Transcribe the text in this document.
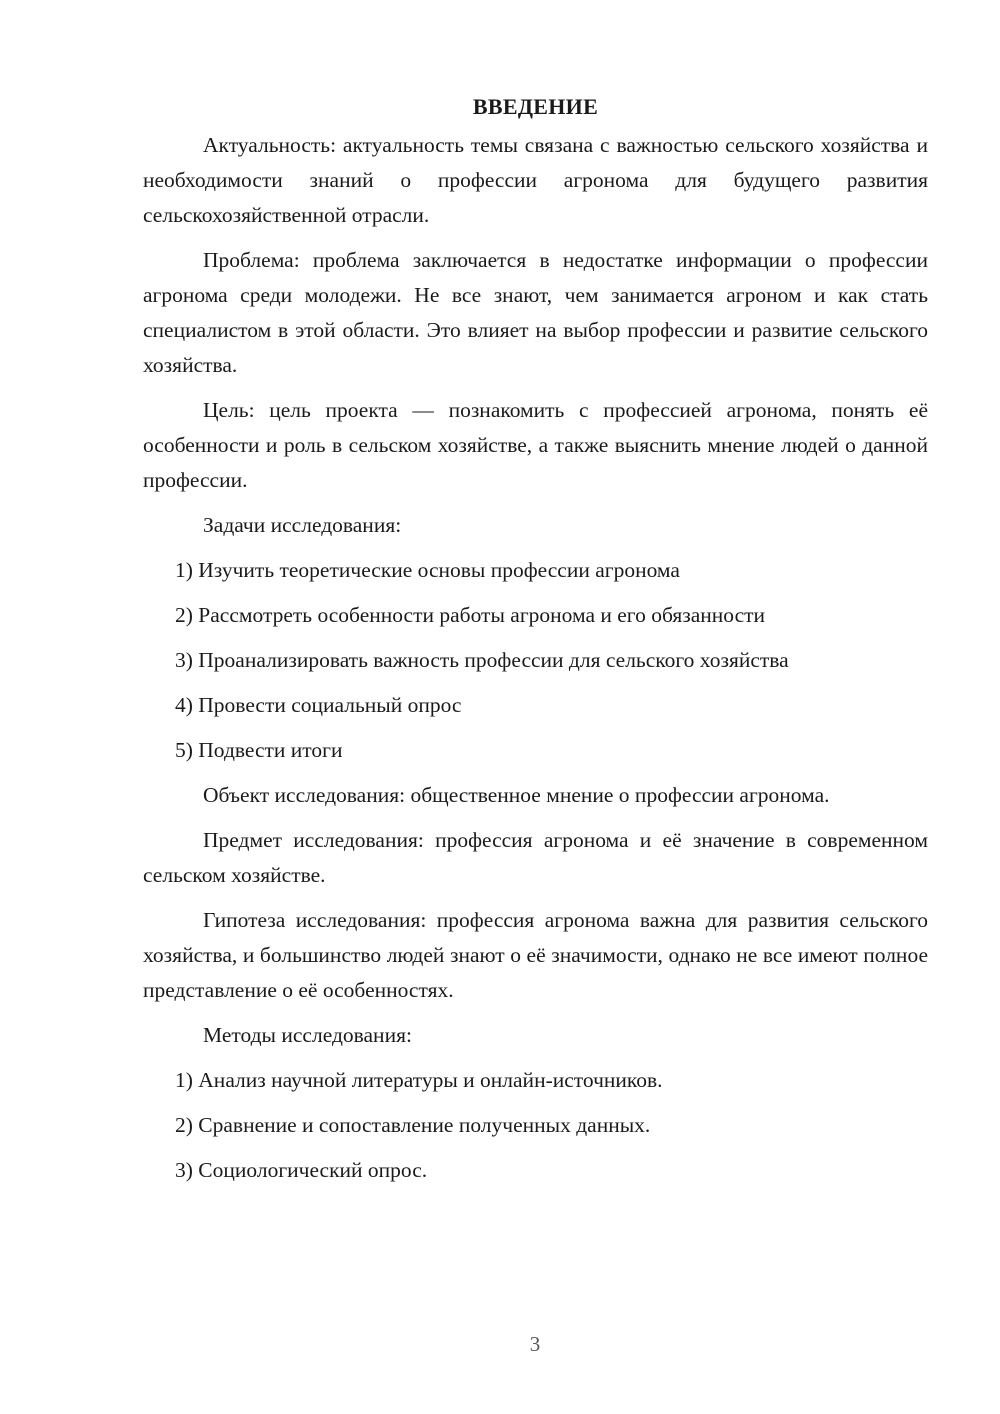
ВВЕДЕНИЕ

Актуальность: актуальность темы связана с важностью сельского хозяйства и необходимости знаний о профессии агронома для будущего развития сельскохозяйственной отрасли.

Проблема: проблема заключается в недостатке информации о профессии агронома среди молодежи. Не все знают, чем занимается агроном и как стать специалистом в этой области. Это влияет на выбор профессии и развитие сельского хозяйства.

Цель: цель проекта — познакомить с профессией агронома, понять её особенности и роль в сельском хозяйстве, а также выяснить мнение людей о данной профессии.

Задачи исследования:
1) Изучить теоретические основы профессии агронома
2) Рассмотреть особенности работы агронома и его обязанности
3) Проанализировать важность профессии для сельского хозяйства
4) Провести социальный опрос
5) Подвести итоги

Объект исследования: общественное мнение о профессии агронома.

Предмет исследования: профессия агронома и её значение в современном сельском хозяйстве.

Гипотеза исследования: профессия агронома важна для развития сельского хозяйства, и большинство людей знают о её значимости, однако не все имеют полное представление о её особенностях.

Методы исследования:
1) Анализ научной литературы и онлайн-источников.
2) Сравнение и сопоставление полученных данных.
3) Социологический опрос.
3
